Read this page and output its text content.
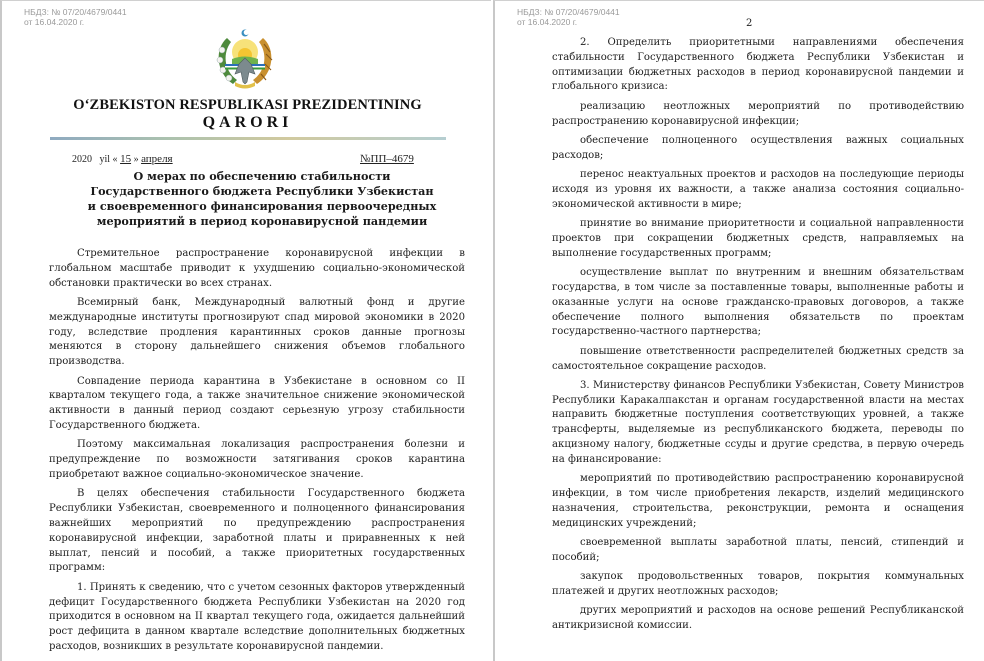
НБДЗ: № 07/20/4679/0441
от 16.04.2020 г.
O‘ZBEKISTON RESPUBLIKASI PREZIDENTINING
QARORI
2020 yil « 15 » апреля	№ПП–4679
О мерах по обеспечению стабильности
Государственного бюджета Республики Узбекистан
и своевременного финансирования первоочередных
мероприятий в период коронавирусной пандемии

Стремительное распространение коронавирусной инфекции в глобальном масштабе приводит к ухудшению социально-экономической обстановки практически во всех странах.

Всемирный банк, Международный валютный фонд и другие международные институты прогнозируют спад мировой экономики в 2020 году, вследствие продления карантинных сроков данные прогнозы меняются в сторону дальнейшего снижения объемов глобального производства.

Совпадение периода карантина в Узбекистане в основном со II кварталом текущего года, а также значительное снижение экономической активности в данный период создают серьезную угрозу стабильности Государственного бюджета.

Поэтому максимальная локализация распространения болезни и предупреждение по возможности затягивания сроков карантина приобретают важное социально-экономическое значение.

В целях обеспечения стабильности Государственного бюджета Республики Узбекистан, своевременного и полноценного финансирования важнейших мероприятий по предупреждению распространения коронавирусной инфекции, заработной платы и приравненных к ней выплат, пенсий и пособий, а также приоритетных государственных программ:

1. Принять к сведению, что с учетом сезонных факторов утвержденный дефицит Государственного бюджета Республики Узбекистан на 2020 год приходится в основном на II квартал текущего года, ожидается дальнейший рост дефицита в данном квартале вследствие дополнительных бюджетных расходов, возникших в результате коронавирусной пандемии.

НБДЗ: № 07/20/4679/0441
от 16.04.2020 г.	2

2. Определить приоритетными направлениями обеспечения стабильности Государственного бюджета Республики Узбекистан и оптимизации бюджетных расходов в период коронавирусной пандемии и глобального кризиса:

реализацию неотложных мероприятий по противодействию распространению коронавирусной инфекции;

обеспечение полноценного осуществления важных социальных расходов;

перенос неактуальных проектов и расходов на последующие периоды исходя из уровня их важности, а также анализа состояния социально-экономической активности в мире;

принятие во внимание приоритетности и социальной направленности проектов при сокращении бюджетных средств, направляемых на выполнение государственных программ;

осуществление выплат по внутренним и внешним обязательствам государства, в том числе за поставленные товары, выполненные работы и оказанные услуги на основе гражданско-правовых договоров, а также обеспечение полного выполнения обязательств по проектам государственно-частного партнерства;

повышение ответственности распределителей бюджетных средств за самостоятельное сокращение расходов.

3. Министерству финансов Республики Узбекистан, Совету Министров Республики Каракалпакстан и органам государственной власти на местах направить бюджетные поступления соответствующих уровней, а также трансферты, выделяемые из республиканского бюджета, переводы по акцизному налогу, бюджетные ссуды и другие средства, в первую очередь на финансирование:

мероприятий по противодействию распространению коронавирусной инфекции, в том числе приобретения лекарств, изделий медицинского назначения, строительства, реконструкции, ремонта и оснащения медицинских учреждений;

своевременной выплаты заработной платы, пенсий, стипендий и пособий;

закупок продовольственных товаров, покрытия коммунальных платежей и других неотложных расходов;

других мероприятий и расходов на основе решений Республиканской антикризисной комиссии.
